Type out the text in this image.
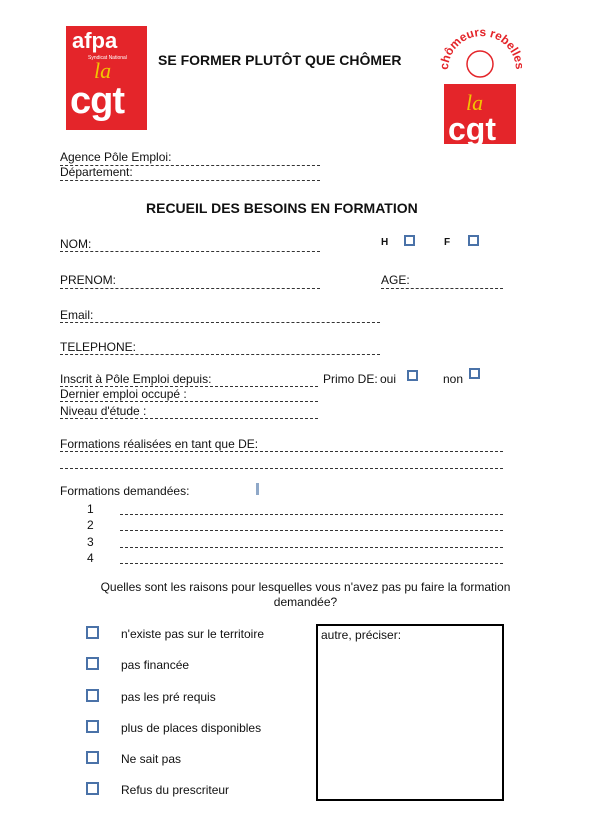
afpa
Syndicat National
la
cgt
SE FORMER PLUTÔT QUE CHÔMER	chômeurs rebell
la
cgt
Agence Pôle Emploi:
Département:
RECUEIL DES BESOINS EN FORMATION
NOM:	H	F
PRENOM:	AGE:
Email:
TELEPHONE:
Inscrit à Pôle Emploi depuis:	Primo DE: oui	non
Dernier emploi occupé :
Niveau d'étude :
Formations réalisées en tant que DE:
Formations demandées:
1
2
3
4
Quelles sont les raisons pour lesquelles vous n'avez pas pu faire la formation
demandée?
n'existe pas sur le territoire
pas financée
pas les pré requis
plus de places disponibles
Ne sait pas
Refus du prescriteur
autre, préciser:
